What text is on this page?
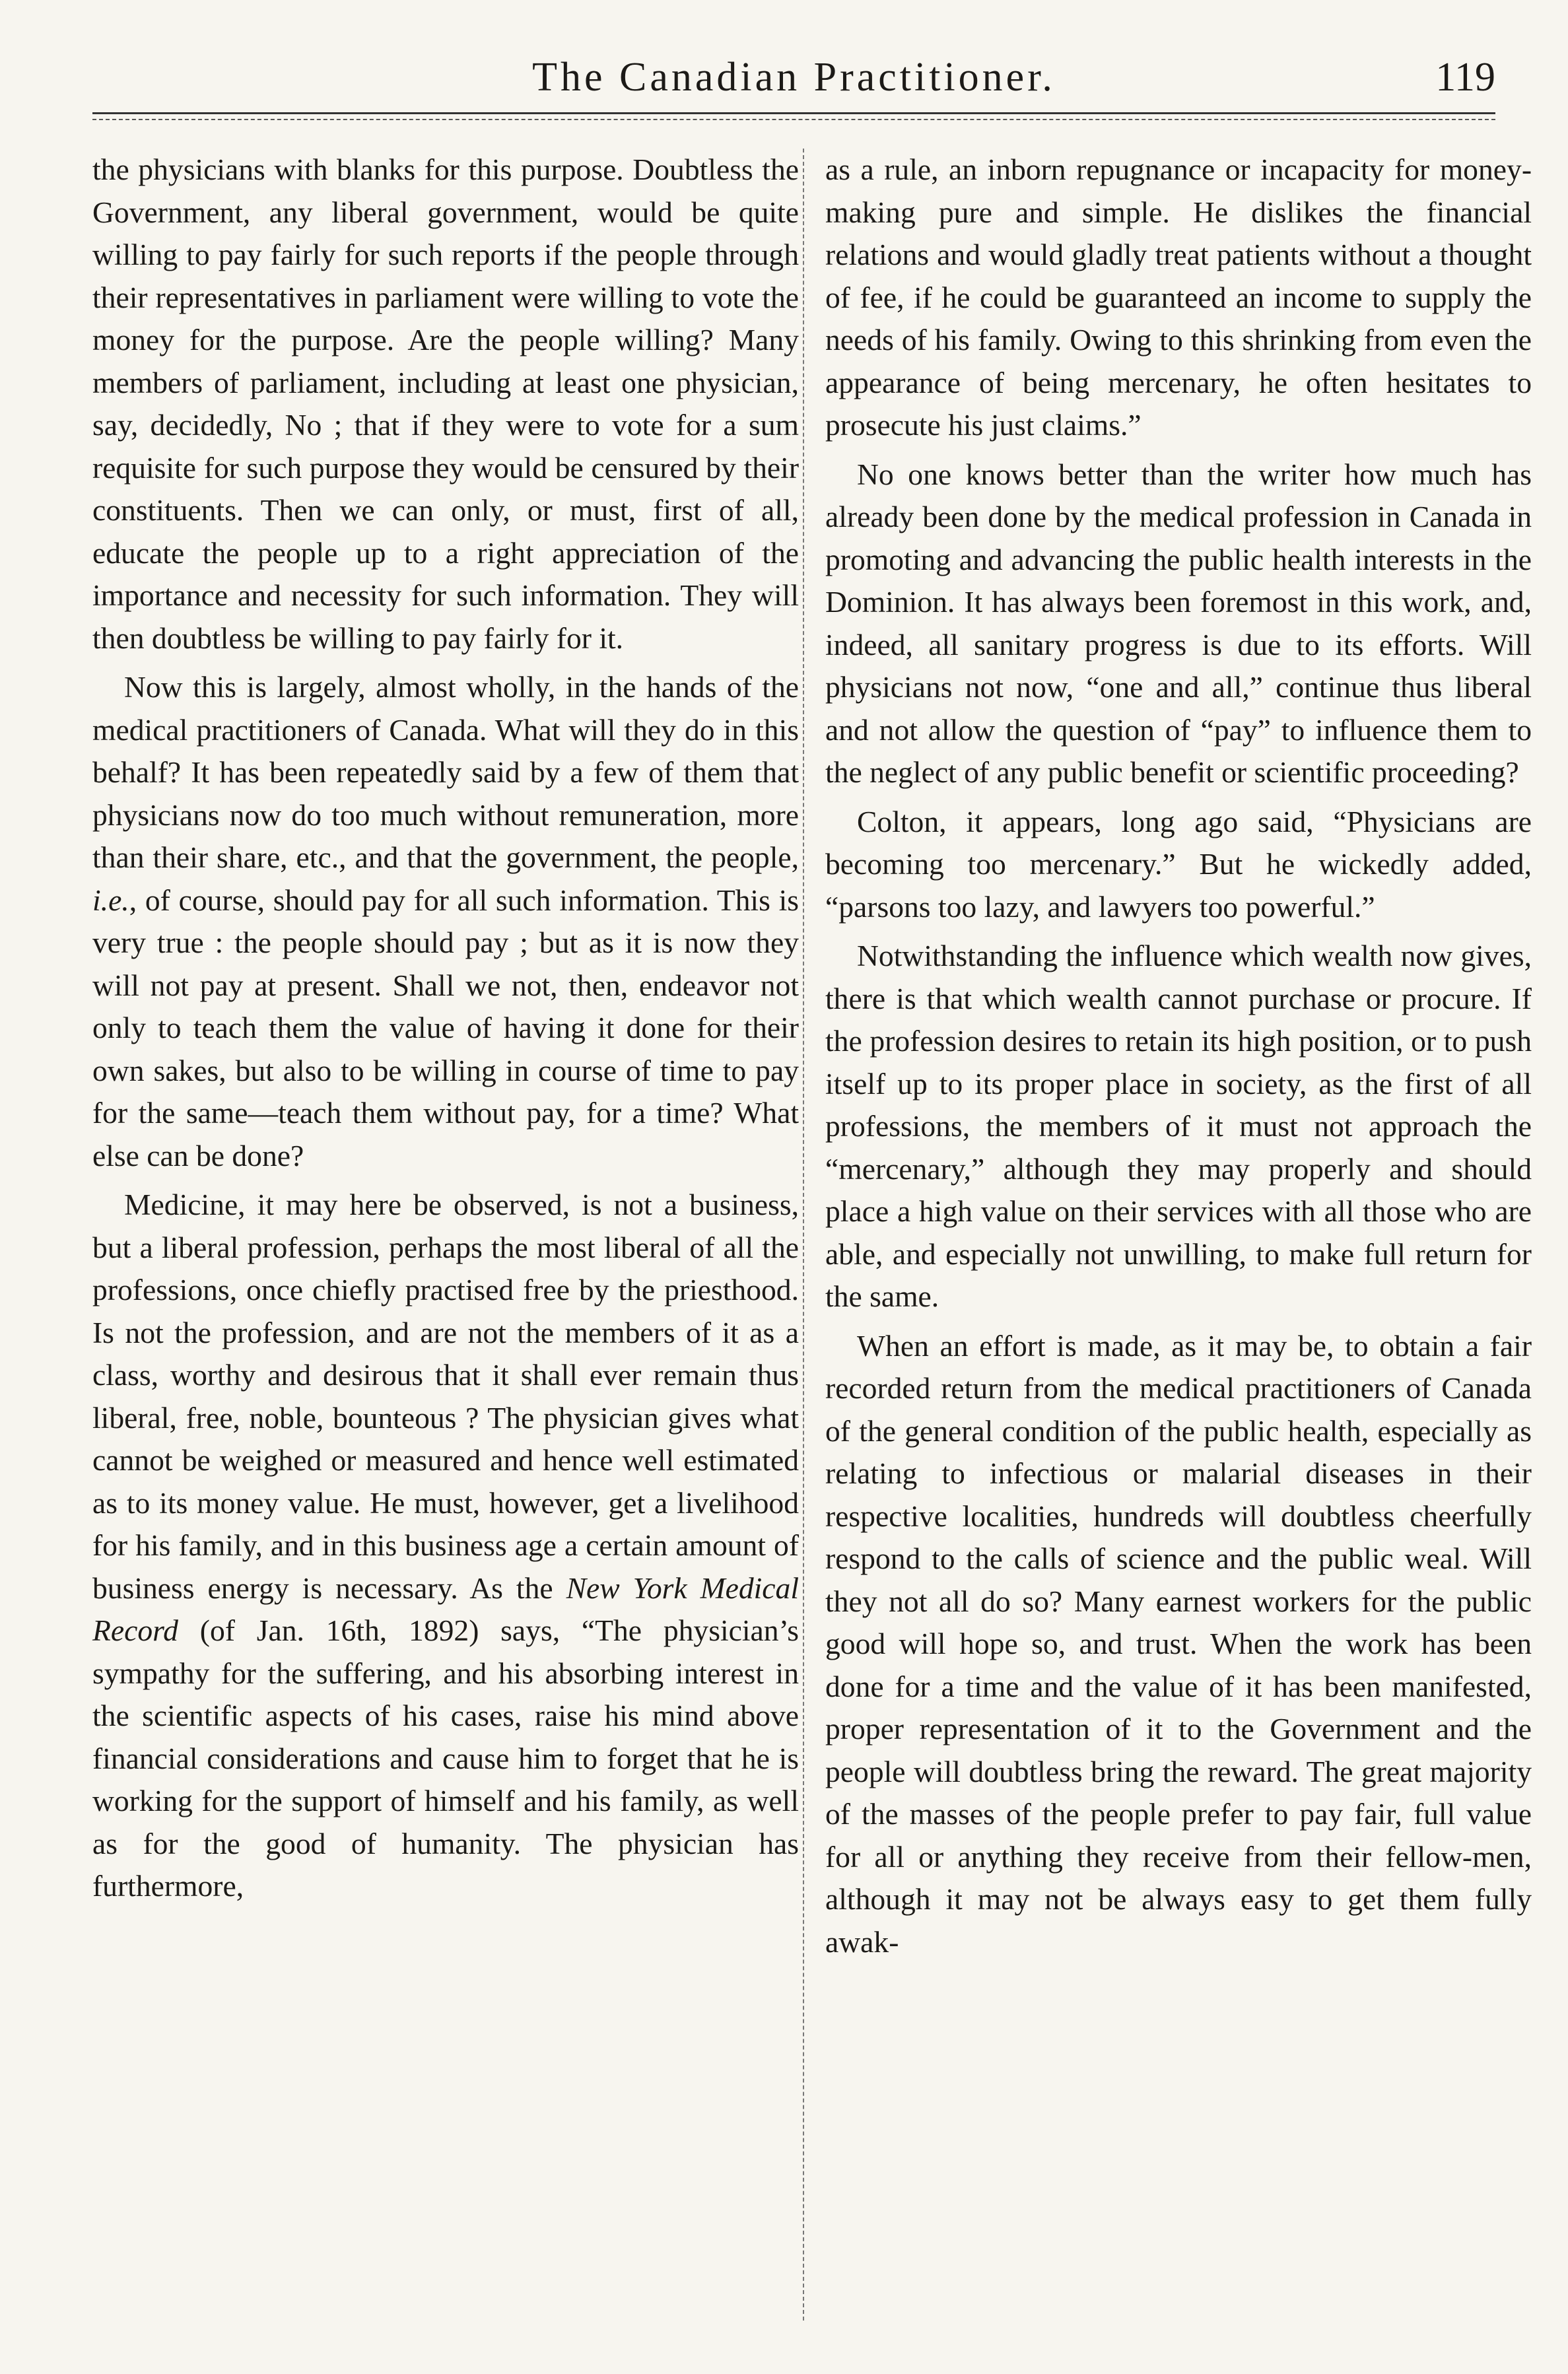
The Canadian Practitioner.	119

the physicians with blanks for this purpose. Doubtless the Government, any liberal government, would be quite willing to pay fairly for such reports if the people through their representatives in parliament were willing to vote the money for the purpose. Are the people willing? Many members of parliament, including at least one physician, say, decidedly, No ; that if they were to vote for a sum requisite for such purpose they would be censured by their constituents. Then we can only, or must, first of all, educate the people up to a right appreciation of the importance and necessity for such information. They will then doubtless be willing to pay fairly for it.

Now this is largely, almost wholly, in the hands of the medical practitioners of Canada. What will they do in this behalf? It has been repeatedly said by a few of them that physicians now do too much without remuneration, more than their share, etc., and that the government, the people, i.e., of course, should pay for all such information. This is very true : the people should pay ; but as it is now they will not pay at present. Shall we not, then, endeavor not only to teach them the value of having it done for their own sakes, but also to be willing in course of time to pay for the same—teach them without pay, for a time? What else can be done?

Medicine, it may here be observed, is not a business, but a liberal profession, perhaps the most liberal of all the professions, once chiefly practised free by the priesthood. Is not the profession, and are not the members of it as a class, worthy and desirous that it shall ever remain thus liberal, free, noble, bounteous ? The physician gives what cannot be weighed or measured and hence well estimated as to its money value. He must, however, get a livelihood for his family, and in this business age a certain amount of business energy is necessary. As the New York Medical Record (of Jan. 16th, 1892) says, “The physician’s sympathy for the suffering, and his absorbing interest in the scientific aspects of his cases, raise his mind above financial considerations and cause him to forget that he is working for the support of himself and his family, as well as for the good of humanity. The physician has furthermore,

as a rule, an inborn repugnance or incapacity for money-making pure and simple. He dislikes the financial relations and would gladly treat patients without a thought of fee, if he could be guaranteed an income to supply the needs of his family. Owing to this shrinking from even the appearance of being mercenary, he often hesitates to prosecute his just claims.”

No one knows better than the writer how much has already been done by the medical profession in Canada in promoting and advancing the public health interests in the Dominion. It has always been foremost in this work, and, indeed, all sanitary progress is due to its efforts. Will physicians not now, “one and all,” continue thus liberal and not allow the question of “pay” to influence them to the neglect of any public benefit or scientific proceeding?

Colton, it appears, long ago said, “Physicians are becoming too mercenary.” But he wickedly added, “parsons too lazy, and lawyers too powerful.”

Notwithstanding the influence which wealth now gives, there is that which wealth cannot purchase or procure. If the profession desires to retain its high position, or to push itself up to its proper place in society, as the first of all professions, the members of it must not approach the “mercenary,” although they may properly and should place a high value on their services with all those who are able, and especially not unwilling, to make full return for the same.

When an effort is made, as it may be, to obtain a fair recorded return from the medical practitioners of Canada of the general condition of the public health, especially as relating to infectious or malarial diseases in their respective localities, hundreds will doubtless cheerfully respond to the calls of science and the public weal. Will they not all do so? Many earnest workers for the public good will hope so, and trust. When the work has been done for a time and the value of it has been manifested, proper representation of it to the Government and the people will doubtless bring the reward. The great majority of the masses of the people prefer to pay fair, full value for all or anything they receive from their fellow-men, although it may not be always easy to get them fully awak-
